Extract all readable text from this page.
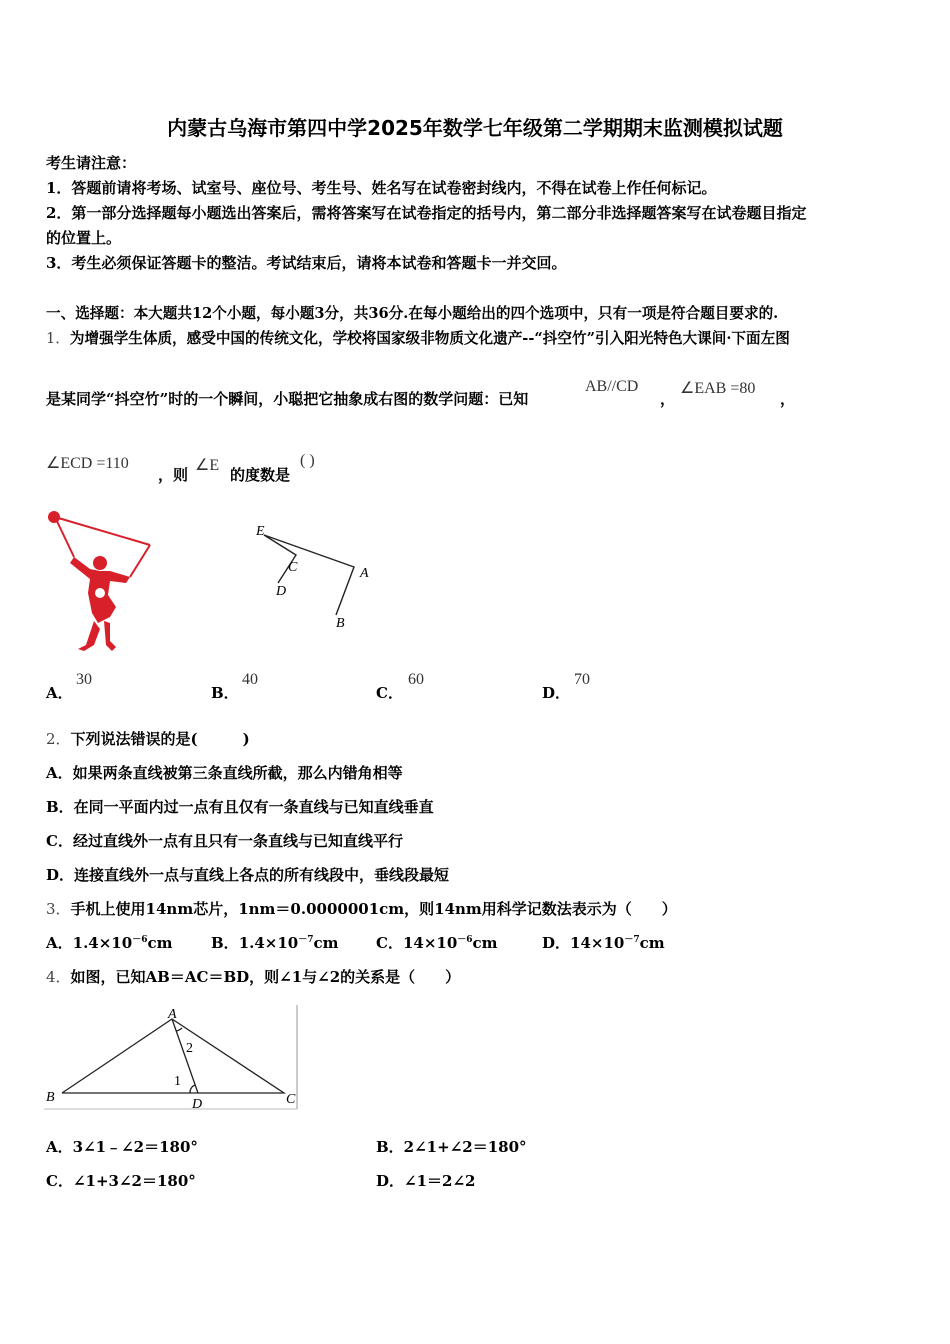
内蒙古乌海市第四中学2025年数学七年级第二学期期末监测模拟试题
考生请注意：
1．答题前请将考场、试室号、座位号、考生号、姓名写在试卷密封线内，不得在试卷上作任何标记。
2．第一部分选择题每小题选出答案后，需将答案写在试卷指定的括号内，第二部分非选择题答案写在试卷题目指定
的位置上。
3．考生必须保证答题卡的整洁。考试结束后，请将本试卷和答题卡一并交回。
一、选择题：本大题共12个小题，每小题3分，共36分.在每小题给出的四个选项中，只有一项是符合题目要求的.
1．为增强学生体质，感受中国的传统文化，学校将国家级非物质文化遗产--“抖空竹”引入阳光特色大课间·下面左图
是某同学“抖空竹”时的一个瞬间，小聪把它抽象成右图的数学问题：已知
AB//CD
，
∠EAB =80
，
∠ECD =110
，则
∠E
的度数是
( )
E
C
D
A
B
A．
30
B．
40
C．
60
D．
70
2．下列说法错误的是(　　　)
A．如果两条直线被第三条直线所截，那么内错角相等
B．在同一平面内过一点有且仅有一条直线与已知直线垂直
C．经过直线外一点有且只有一条直线与已知直线平行
D．连接直线外一点与直线上各点的所有线段中，垂线段最短
3．手机上使用14nm芯片，1nm＝0.0000001cm，则14nm用科学记数法表示为（　　）
A．$1.4\times 10^{-6}cm$	B．$1.4\times 10^{-7}cm$ C．$14\times 10^{-6}cm$	D．$14\times 10^{-7}cm$
4．如图，已知AB＝AC＝BD，则∠1与∠2的关系是（　　）
A
B	C
D
1
2
A．3∠1﹣∠2＝180°	B．2∠1+∠2＝180°
C．∠1+3∠2＝180°	D．∠1＝2∠2
